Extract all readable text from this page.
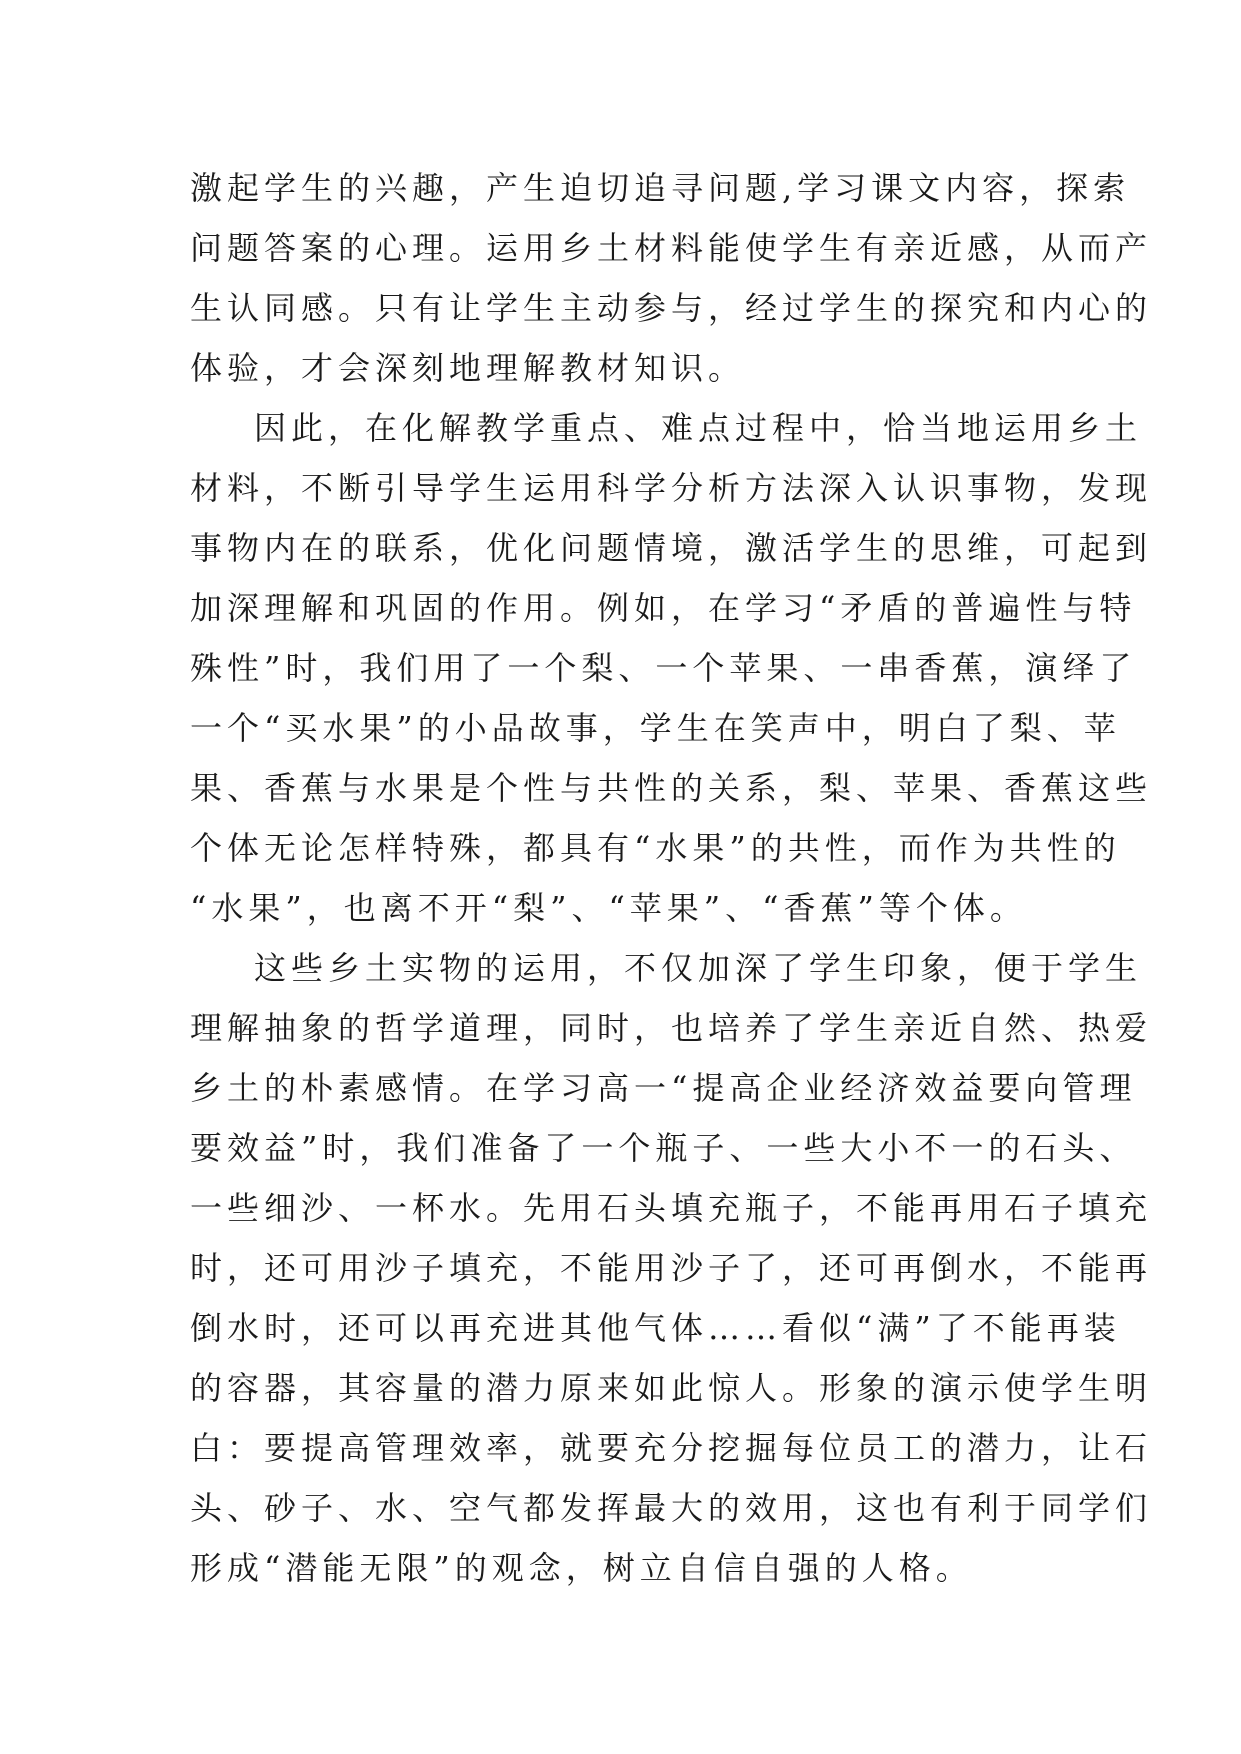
激起学生的兴趣，产生迫切追寻问题,学习课文内容，探索
问题答案的心理。运用乡土材料能使学生有亲近感，从而产
生认同感。只有让学生主动参与，经过学生的探究和内心的
体验，才会深刻地理解教材知识。
因此，在化解教学重点、难点过程中，恰当地运用乡土
材料，不断引导学生运用科学分析方法深入认识事物，发现
事物内在的联系，优化问题情境，激活学生的思维，可起到
加深理解和巩固的作用。例如，在学习“矛盾的普遍性与特
殊性”时，我们用了一个梨、一个苹果、一串香蕉，演绎了
一个“买水果”的小品故事，学生在笑声中，明白了梨、苹
果、香蕉与水果是个性与共性的关系，梨、苹果、香蕉这些
个体无论怎样特殊，都具有“水果”的共性，而作为共性的
“水果”，也离不开“梨”、“苹果”、“香蕉”等个体。
这些乡土实物的运用，不仅加深了学生印象，便于学生
理解抽象的哲学道理，同时，也培养了学生亲近自然、热爱
乡土的朴素感情。在学习高一“提高企业经济效益要向管理
要效益”时，我们准备了一个瓶子、一些大小不一的石头、
一些细沙、一杯水。先用石头填充瓶子，不能再用石子填充
时，还可用沙子填充，不能用沙子了，还可再倒水，不能再
倒水时，还可以再充进其他气体……看似“满”了不能再装
的容器，其容量的潜力原来如此惊人。形象的演示使学生明
白：要提高管理效率，就要充分挖掘每位员工的潜力，让石
头、砂子、水、空气都发挥最大的效用，这也有利于同学们
形成“潜能无限”的观念，树立自信自强的人格。
